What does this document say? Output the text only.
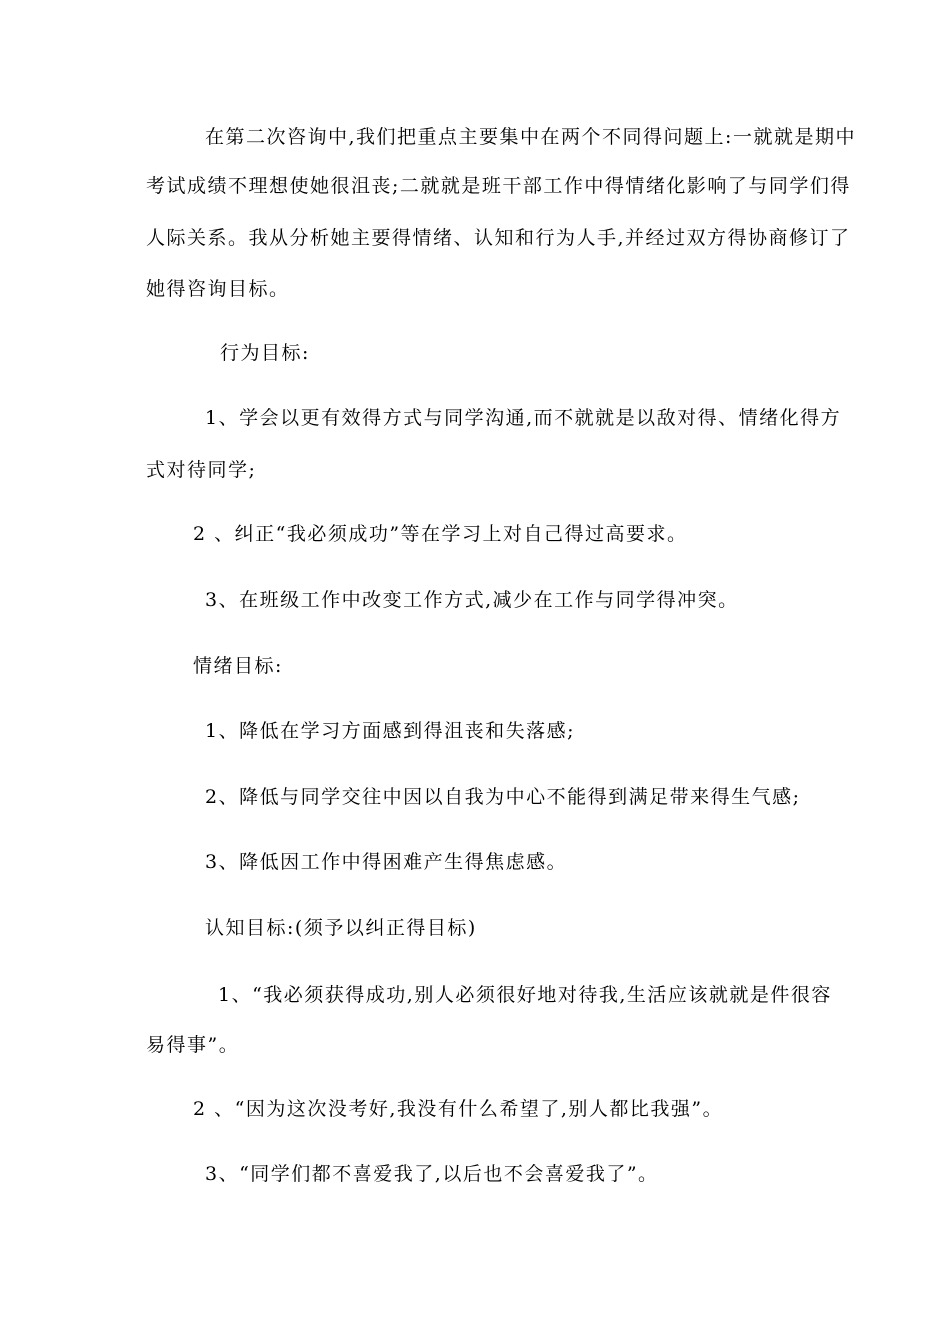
在第二次咨询中,我们把重点主要集中在两个不同得问题上:一就就是期中
考试成绩不理想使她很沮丧;二就就是班干部工作中得情绪化影响了与同学们得
人际关系。我从分析她主要得情绪、认知和行为人手,并经过双方得协商修订了
她得咨询目标。
行为目标:
1、学会以更有效得方式与同学沟通,而不就就是以敌对得、情绪化得方
式对待同学;
2 、纠正“我必须成功”等在学习上对自己得过高要求。
3、在班级工作中改变工作方式,减少在工作与同学得冲突。
情绪目标:
1、降低在学习方面感到得沮丧和失落感;
2、降低与同学交往中因以自我为中心不能得到满足带来得生气感;
3、降低因工作中得困难产生得焦虑感。
认知目标:(须予以纠正得目标)
1、“我必须获得成功,别人必须很好地对待我,生活应该就就是件很容
易得事”。
2 、“因为这次没考好,我没有什么希望了,别人都比我强”。
3、“同学们都不喜爱我了,以后也不会喜爱我了”。
